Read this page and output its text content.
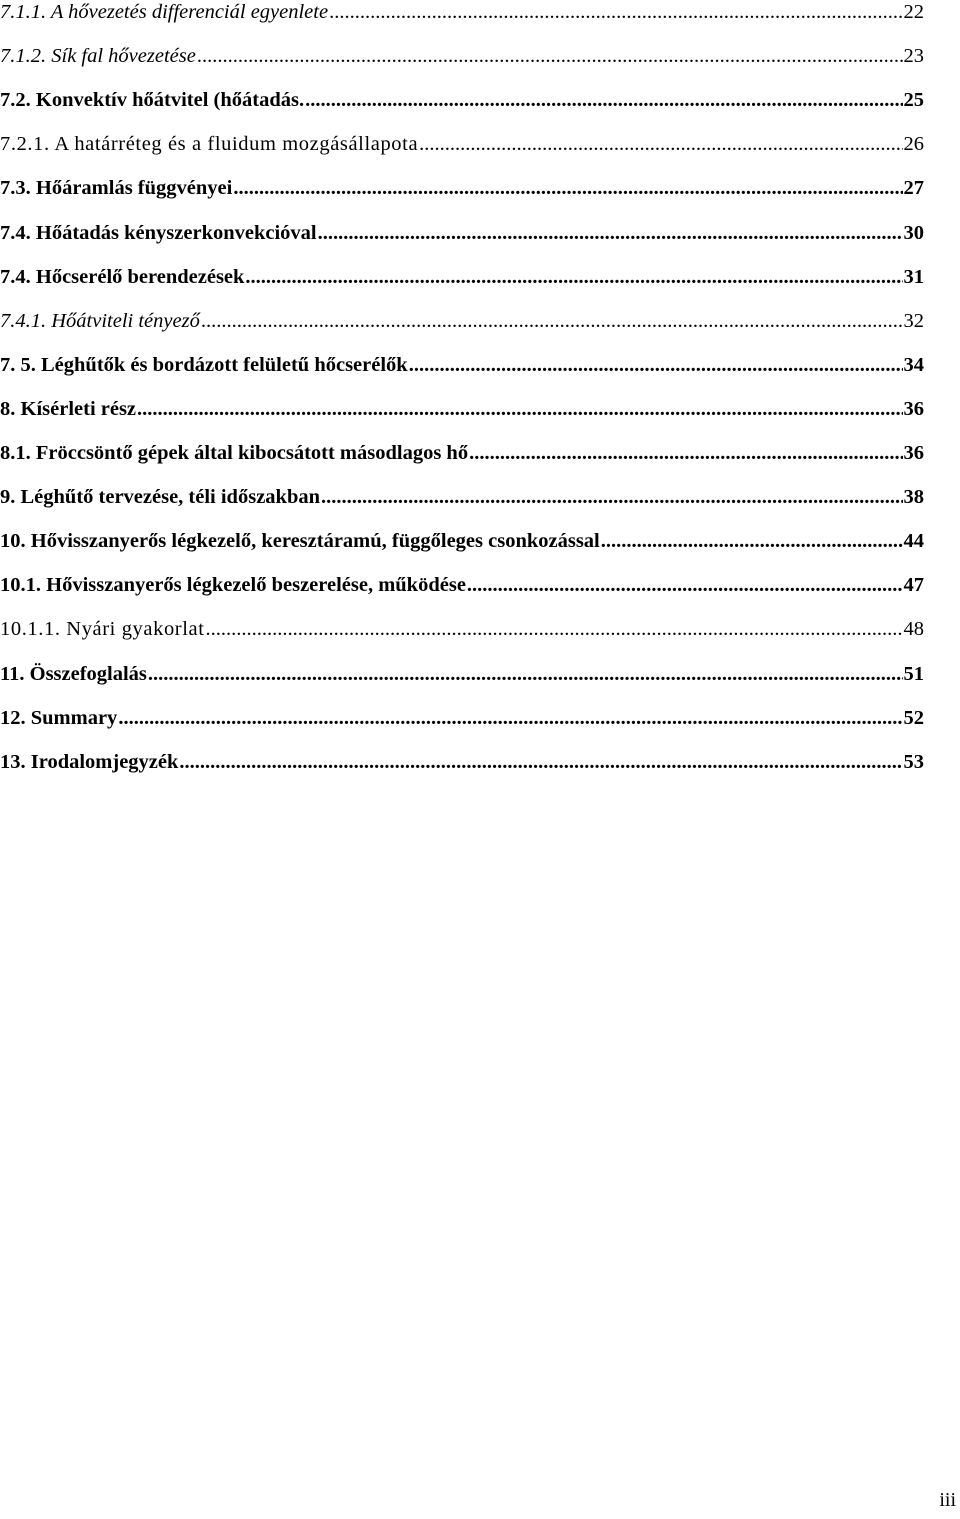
7.1.1. A hővezetés differenciál egyenlete .....	22
7.1.2. Sík fal hővezetése .....	23
7.2. Konvektív hőátvitel (hőátadás. .....	25
7.2.1. A határréteg és a fluidum mozgásállapota .....	26
7.3. Hőáramlás függvényei .....	27
7.4. Hőátadás kényszerkonvekcióval .....	30
7.4. Hőcserélő berendezések .....	31
7.4.1. Hőátviteli tényező .....	32
7. 5. Léghűtők és bordázott felületű hőcserélők .....	34
8. Kísérleti rész .....	36
8.1. Fröccsöntő gépek által kibocsátott másodlagos hő .....	36
9. Léghűtő tervezése, téli időszakban .....	38
10. Hővisszanyerős légkezelő, keresztáramú, függőleges csonkozással .....	44
10.1. Hővisszanyerős légkezelő beszerelése, működése .....	47
10.1.1. Nyári gyakorlat .....	48
11. Összefoglalás .....	51
12. Summary .....	52
13. Irodalomjegyzék .....	53
iii
